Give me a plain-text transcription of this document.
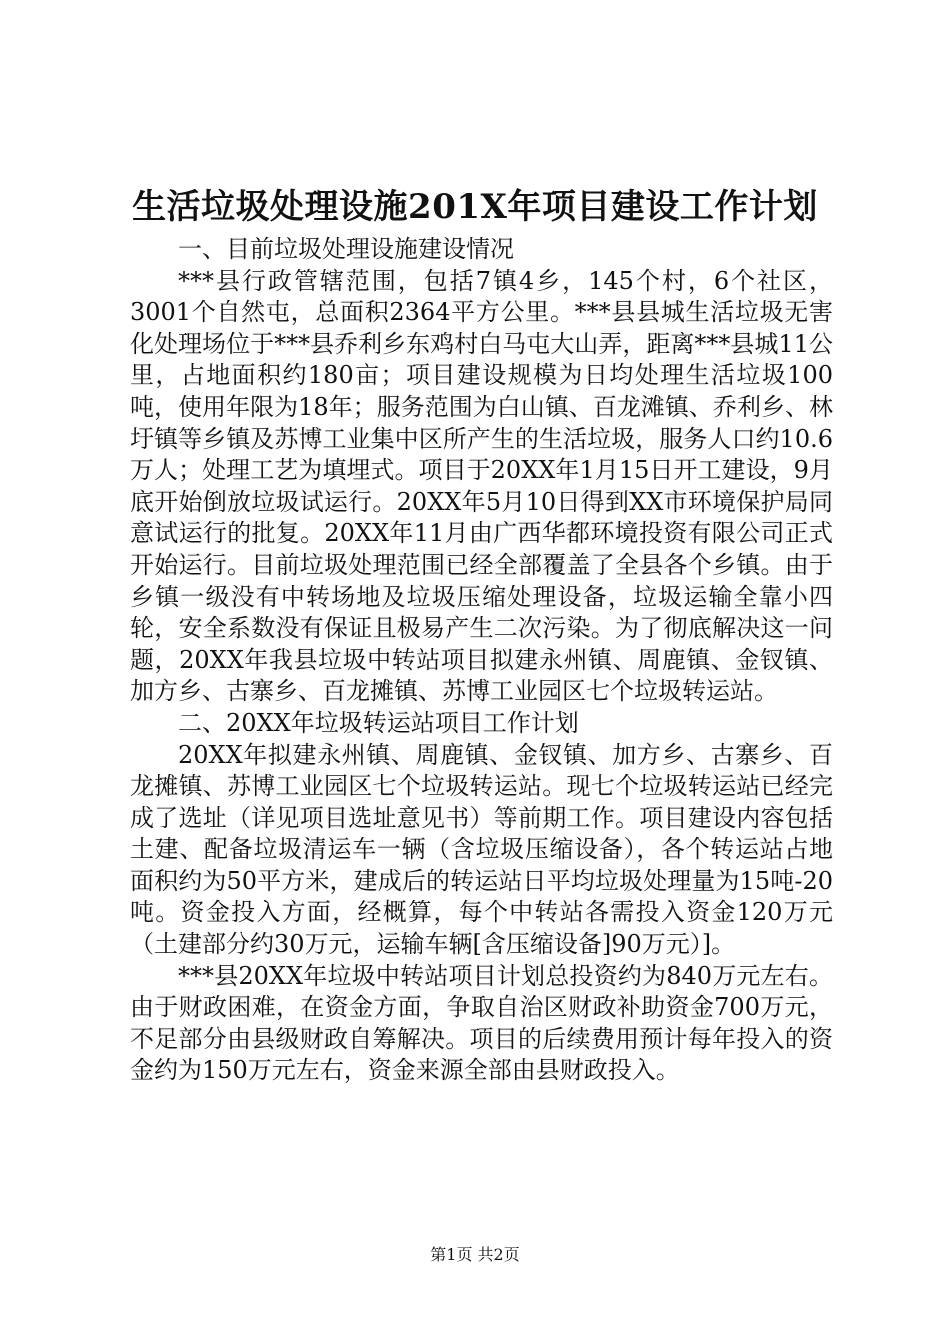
生活垃圾处理设施201X年项目建设工作计划

一、目前垃圾处理设施建设情况

***县行政管辖范围，包括7镇4乡，145个村，6个社区，3001个自然屯，总面积2364平方公里。***县县城生活垃圾无害化处理场位于***县乔利乡东鸡村白马屯大山弄，距离***县城11公里，占地面积约180亩；项目建设规模为日均处理生活垃圾100吨，使用年限为18年；服务范围为白山镇、百龙滩镇、乔利乡、林圩镇等乡镇及苏博工业集中区所产生的生活垃圾，服务人口约10.6万人；处理工艺为填埋式。项目于20XX年1月15日开工建设，9月底开始倒放垃圾试运行。20XX年5月10日得到XX市环境保护局同意试运行的批复。20XX年11月由广西华都环境投资有限公司正式开始运行。目前垃圾处理范围已经全部覆盖了全县各个乡镇。由于乡镇一级没有中转场地及垃圾压缩处理设备，垃圾运输全靠小四轮，安全系数没有保证且极易产生二次污染。为了彻底解决这一问题，20XX年我县垃圾中转站项目拟建永州镇、周鹿镇、金钗镇、加方乡、古寨乡、百龙摊镇、苏博工业园区七个垃圾转运站。

二、20XX年垃圾转运站项目工作计划

20XX年拟建永州镇、周鹿镇、金钗镇、加方乡、古寨乡、百龙摊镇、苏博工业园区七个垃圾转运站。现七个垃圾转运站已经完成了选址（详见项目选址意见书）等前期工作。项目建设内容包括土建、配备垃圾清运车一辆（含垃圾压缩设备），各个转运站占地面积约为50平方米，建成后的转运站日平均垃圾处理量为15吨-20吨。资金投入方面，经概算，每个中转站各需投入资金120万元（土建部分约30万元，运输车辆[含压缩设备]90万元）]。

***县20XX年垃圾中转站项目计划总投资约为840万元左右。由于财政困难，在资金方面，争取自治区财政补助资金700万元，不足部分由县级财政自筹解决。项目的后续费用预计每年投入的资金约为150万元左右，资金来源全部由县财政投入。

第1页 共2页
